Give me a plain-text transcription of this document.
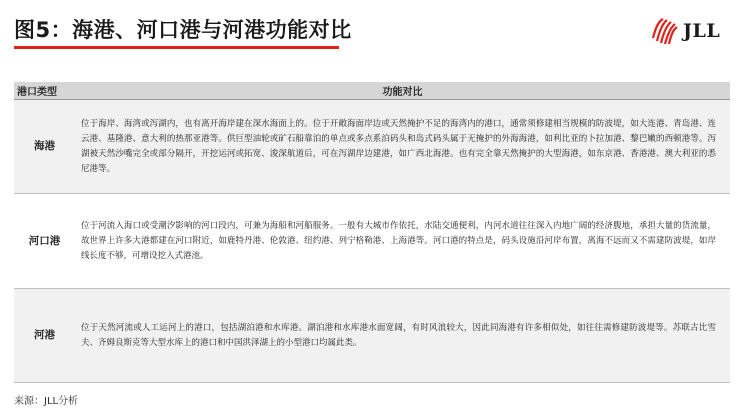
图5：海港、河口港与河港功能对比	JLL
港口类型	功能对比
海港	位于海岸、海湾或泻湖内，也有离开海岸建在深水海面上的。位于开敞海面岸边或天然掩护不足的海湾内的港口，通常须修建相当规模的防波堤，如大连港、青岛港、连云港、基隆港、意大利的热那亚港等。供巨型油轮或矿石船靠泊的单点或多点系泊码头和岛式码头属于无掩护的外海海港，如利比亚的卜拉加港、黎巴嫩的西顿港等。泻湖被天然沙嘴完全或部分隔开，开挖运河或拓宽、浚深航道后，可在泻湖岸边建港，如广西北海港。也有完全靠天然掩护的大型海港，如东京港、香港港、澳大利亚的悉尼港等。
河口港	位于河流入海口或受潮汐影响的河口段内，可兼为海船和河船服务。一般有大城市作依托，水陆交通便利，内河水道往往深入内地广阔的经济腹地，承担大量的货流量，故世界上许多大港都建在河口附近，如鹿特丹港、伦敦港、纽约港、列宁格勒港、上海港等。河口港的特点是，码头设施沿河岸布置，离海不远而又不需建防波堤，如岸线长度不够，可增设挖入式港池。
河港	位于天然河流或人工运河上的港口，包括湖泊港和水库港。湖泊港和水库港水面宽阔，有时风浪较大，因此同海港有许多相似处，如往往需修建防波堤等。苏联古比雪夫、齐姆良斯克等大型水库上的港口和中国洪泽湖上的小型港口均属此类。
来源：JLL分析
